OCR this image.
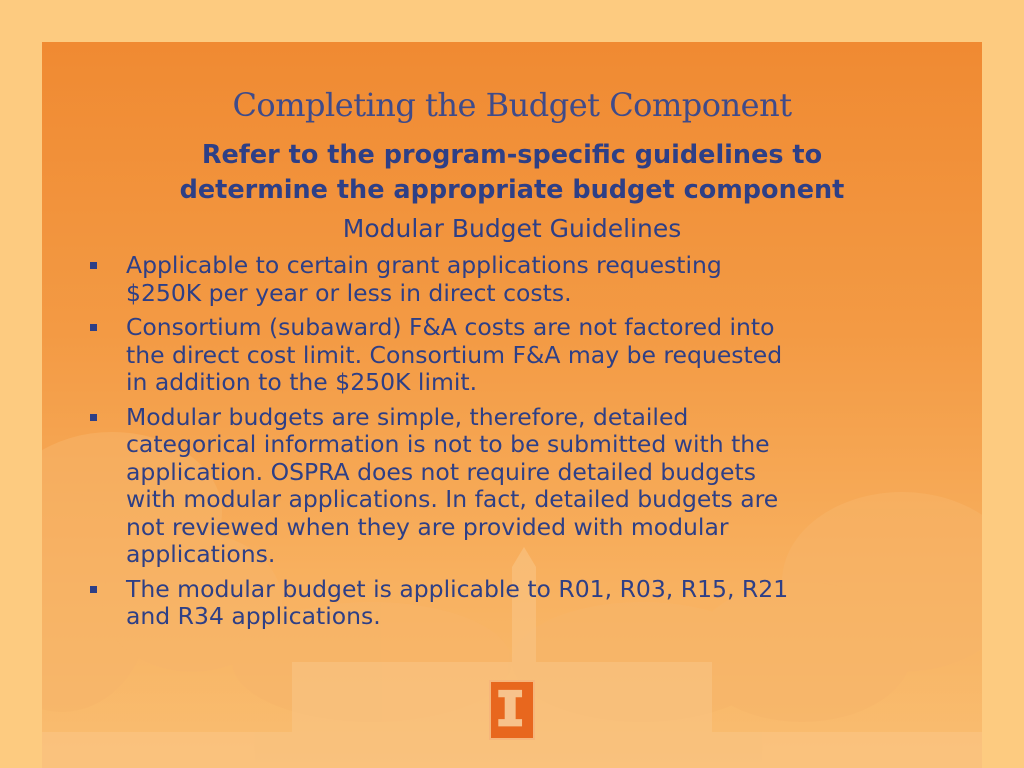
Completing the Budget Component
Refer to the program-specific guidelines to
determine the appropriate budget component
Modular Budget Guidelines
Applicable to certain grant applications requesting
$250K per year or less in direct costs.
Consortium (subaward) F&A costs are not factored into
the direct cost limit. Consortium F&A may be requested
in addition to the $250K limit.
Modular budgets are simple, therefore, detailed
categorical information is not to be submitted with the
application. OSPRA does not require detailed budgets
with modular applications. In fact, detailed budgets are
not reviewed when they are provided with modular
applications.
The modular budget is applicable to R01, R03, R15, R21
and R34 applications.
